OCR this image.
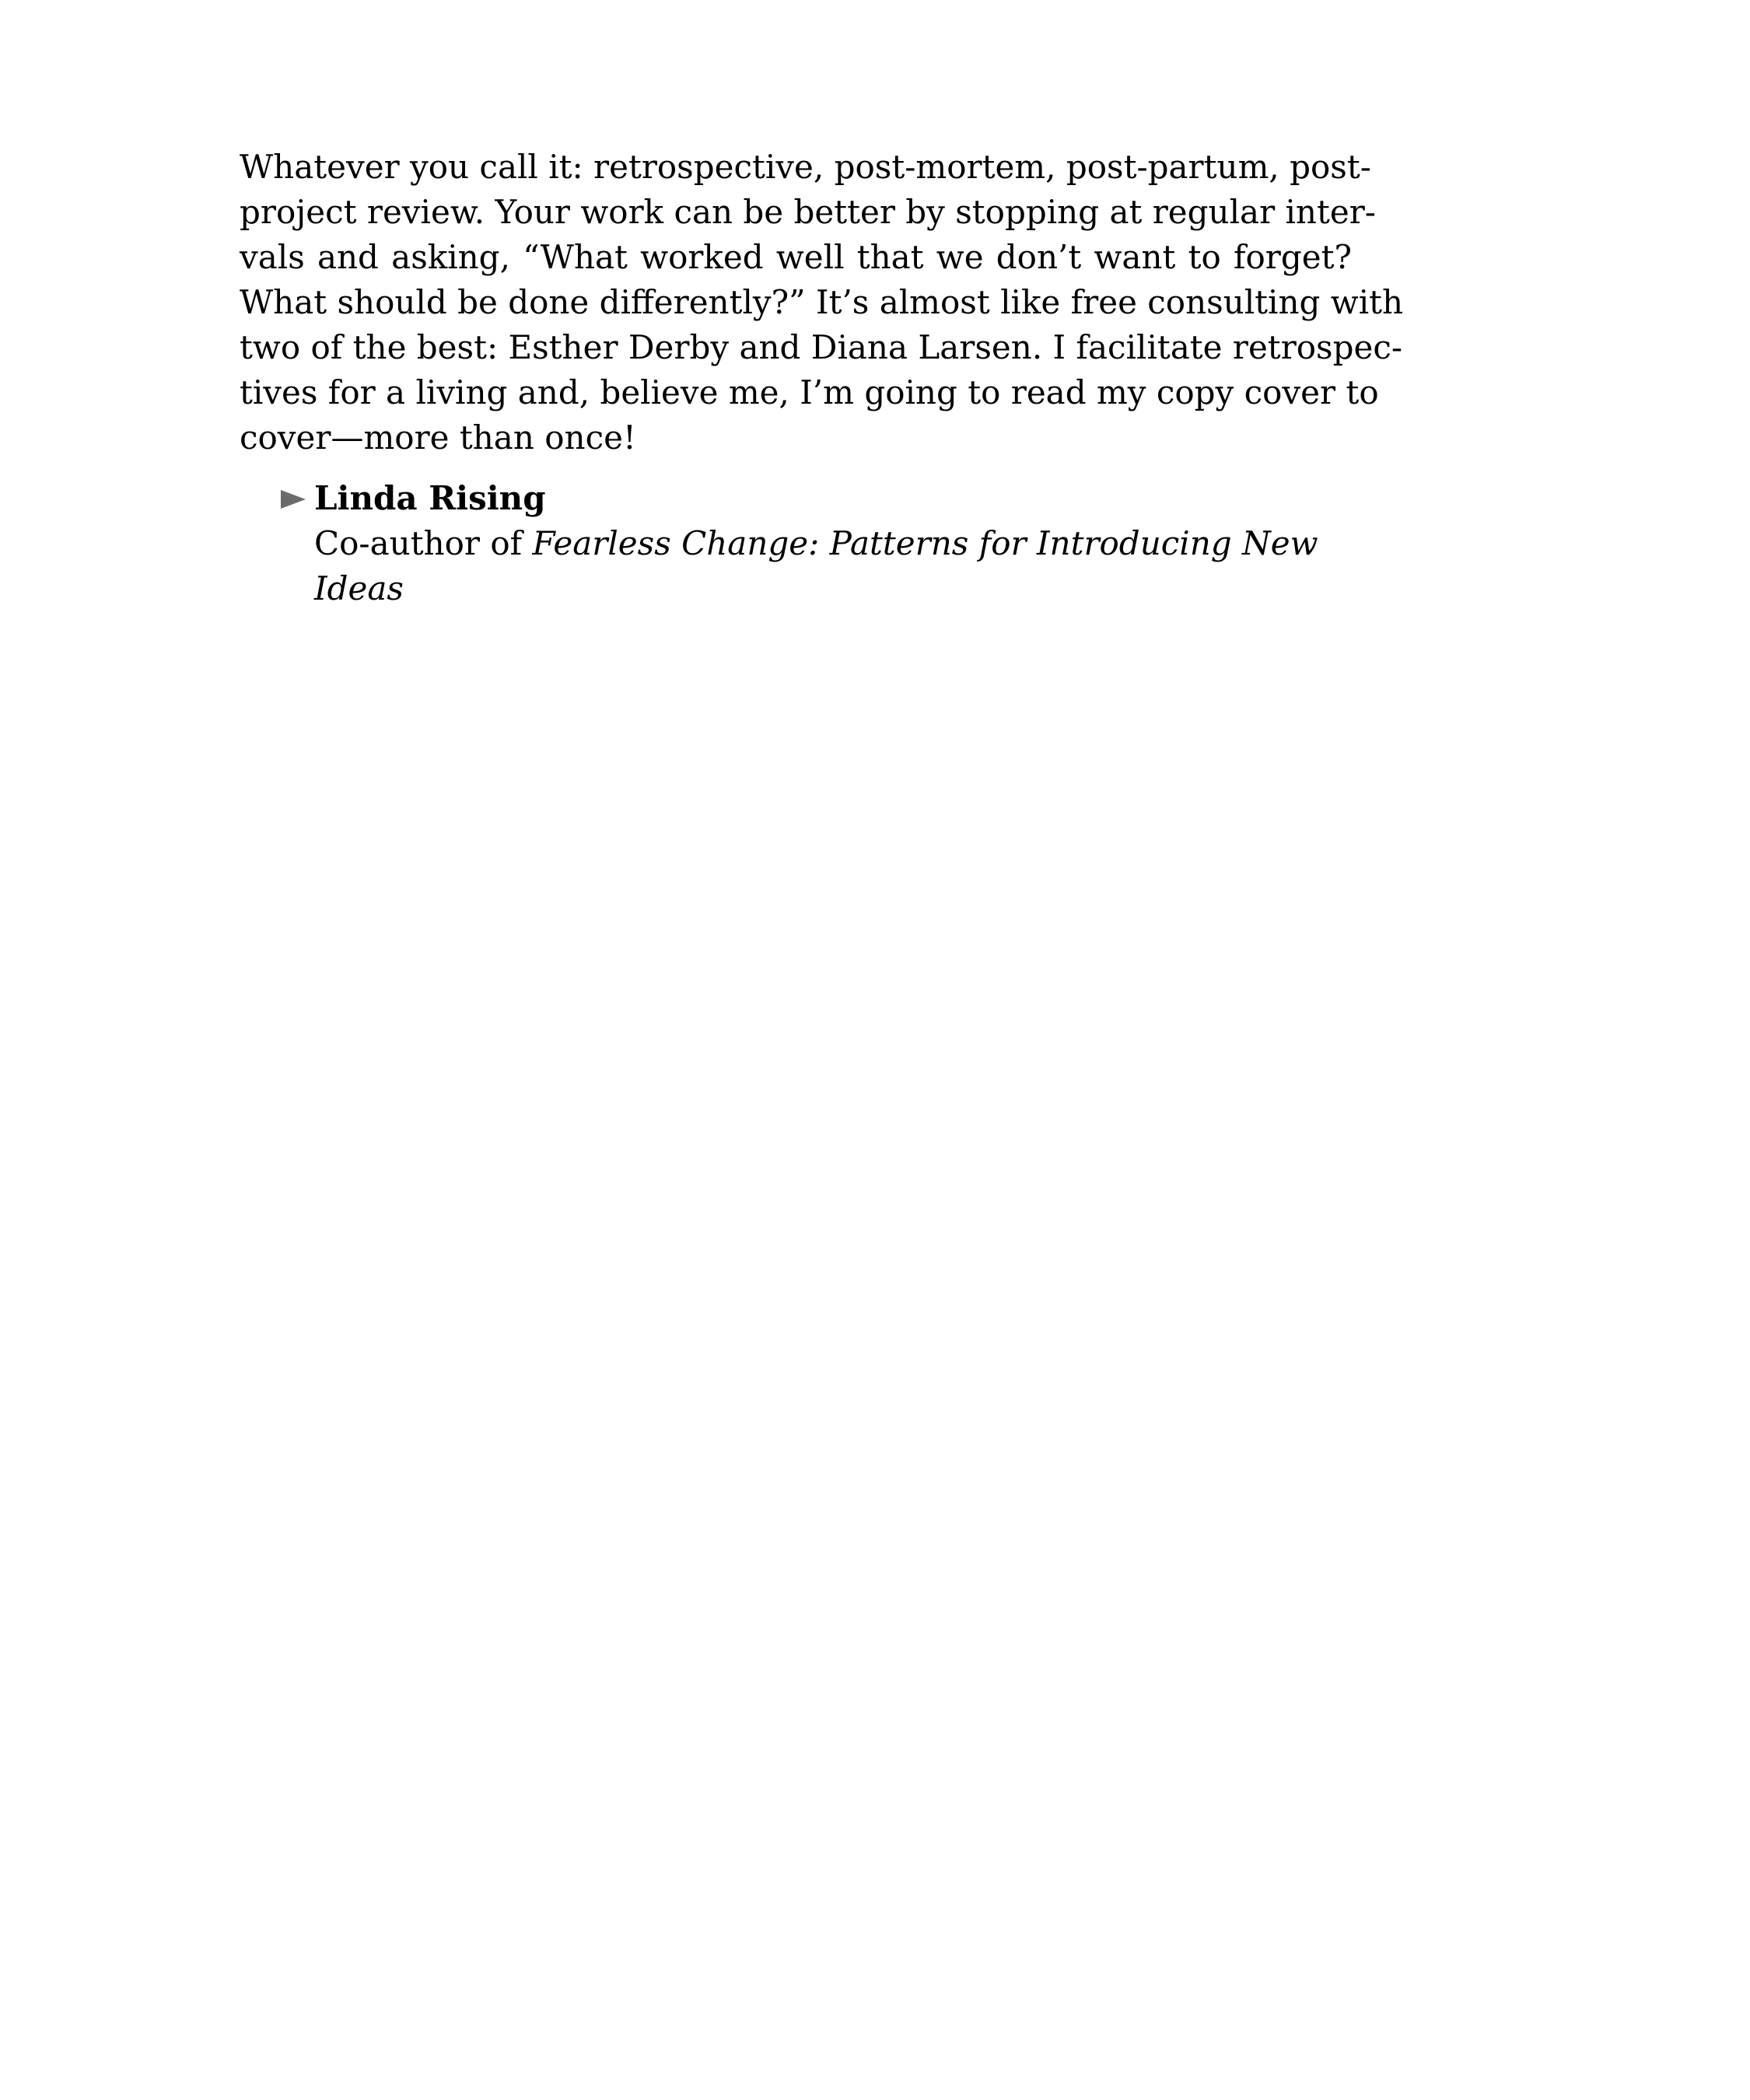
Whatever you call it: retrospective, post-mortem, post-partum, post-
project review. Your work can be better by stopping at regular inter-
vals and asking, “What worked well that we don’t want to forget?
What should be done differently?” It’s almost like free consulting with
two of the best: Esther Derby and Diana Larsen. I facilitate retrospec-
tives for a living and, believe me, I’m going to read my copy cover to
cover—more than once!

Linda Rising
Co-author of Fearless Change: Patterns for Introducing New
Ideas
